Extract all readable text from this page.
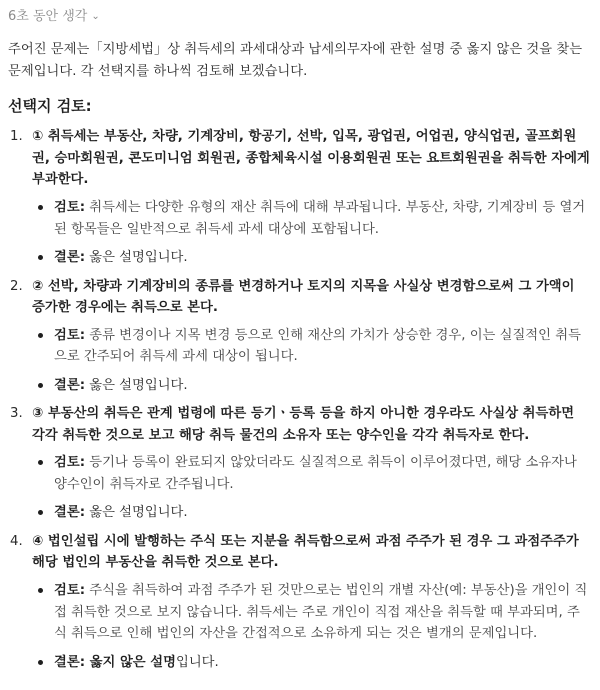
6초 동안 생각 ⌄

주어진 문제는「지방세법」상 취득세의 과세대상과 납세의무자에 관한 설명 중 옳지 않은 것을 찾는 문제입니다. 각 선택지를 하나씩 검토해 보겠습니다.

선택지 검토:
1. ① 취득세는 부동산, 차량, 기계장비, 항공기, 선박, 입목, 광업권, 어업권, 양식업권, 골프회원권, 승마회원권, 콘도미니엄 회원권, 종합체육시설 이용회원권 또는 요트회원권을 취득한 자에게 부과한다.
검토: 취득세는 다양한 유형의 재산 취득에 대해 부과됩니다. 부동산, 차량, 기계장비 등 열거된 항목들은 일반적으로 취득세 과세 대상에 포함됩니다.
결론: 옳은 설명입니다.
2. ② 선박, 차량과 기계장비의 종류를 변경하거나 토지의 지목을 사실상 변경함으로써 그 가액이 증가한 경우에는 취득으로 본다.
검토: 종류 변경이나 지목 변경 등으로 인해 재산의 가치가 상승한 경우, 이는 실질적인 취득으로 간주되어 취득세 과세 대상이 됩니다.
결론: 옳은 설명입니다.
3. ③ 부동산의 취득은 관계 법령에 따른 등기ㆍ등록 등을 하지 아니한 경우라도 사실상 취득하면 각각 취득한 것으로 보고 해당 취득 물건의 소유자 또는 양수인을 각각 취득자로 한다.
검토: 등기나 등록이 완료되지 않았더라도 실질적으로 취득이 이루어졌다면, 해당 소유자나 양수인이 취득자로 간주됩니다.
결론: 옳은 설명입니다.
4. ④ 법인설립 시에 발행하는 주식 또는 지분을 취득함으로써 과점 주주가 된 경우 그 과점주주가 해당 법인의 부동산을 취득한 것으로 본다.
검토: 주식을 취득하여 과점 주주가 된 것만으로는 법인의 개별 자산(예: 부동산)을 개인이 직접 취득한 것으로 보지 않습니다. 취득세는 주로 개인이 직접 재산을 취득할 때 부과되며, 주식 취득으로 인해 법인의 자산을 간접적으로 소유하게 되는 것은 별개의 문제입니다.
결론: 옳지 않은 설명입니다.
